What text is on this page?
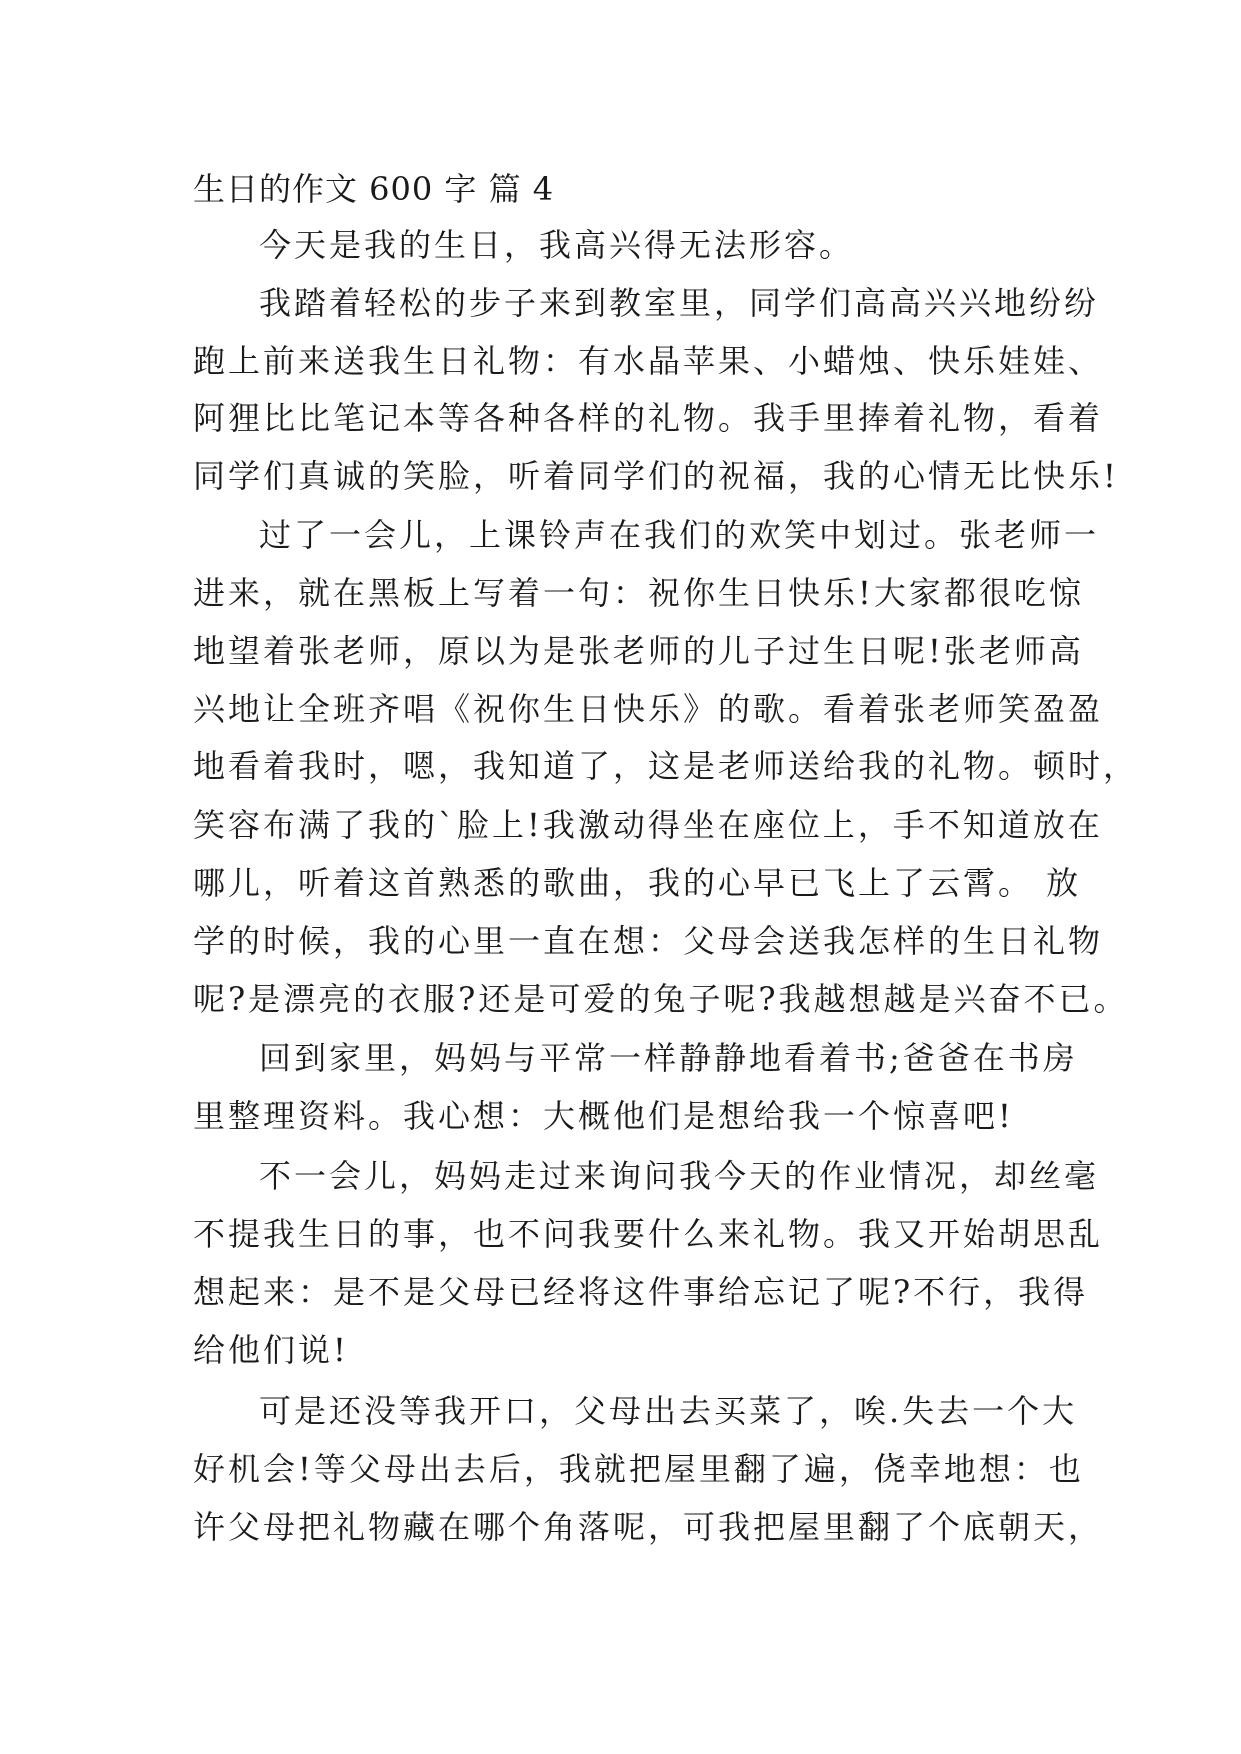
生日的作文 600 字 篇 4
今天是我的生日，我高兴得无法形容。
我踏着轻松的步子来到教室里，同学们高高兴兴地纷纷
跑上前来送我生日礼物：有水晶苹果、小蜡烛、快乐娃娃、
阿狸比比笔记本等各种各样的礼物。我手里捧着礼物，看着
同学们真诚的笑脸，听着同学们的祝福，我的心情无比快乐!
过了一会儿，上课铃声在我们的欢笑中划过。张老师一
进来，就在黑板上写着一句：祝你生日快乐!大家都很吃惊
地望着张老师，原以为是张老师的儿子过生日呢!张老师高
兴地让全班齐唱《祝你生日快乐》的歌。看着张老师笑盈盈
地看着我时，嗯，我知道了，这是老师送给我的礼物。顿时，
笑容布满了我的`脸上!我激动得坐在座位上，手不知道放在
哪儿，听着这首熟悉的歌曲，我的心早已飞上了云霄。 放
学的时候，我的心里一直在想：父母会送我怎样的生日礼物
呢?是漂亮的衣服?还是可爱的兔子呢?我越想越是兴奋不已。
回到家里，妈妈与平常一样静静地看着书;爸爸在书房
里整理资料。我心想：大概他们是想给我一个惊喜吧!
不一会儿，妈妈走过来询问我今天的作业情况，却丝毫
不提我生日的事，也不问我要什么来礼物。我又开始胡思乱
想起来：是不是父母已经将这件事给忘记了呢?不行，我得
给他们说!
可是还没等我开口，父母出去买菜了，唉.失去一个大
好机会!等父母出去后，我就把屋里翻了遍，侥幸地想：也
许父母把礼物藏在哪个角落呢，可我把屋里翻了个底朝天，
